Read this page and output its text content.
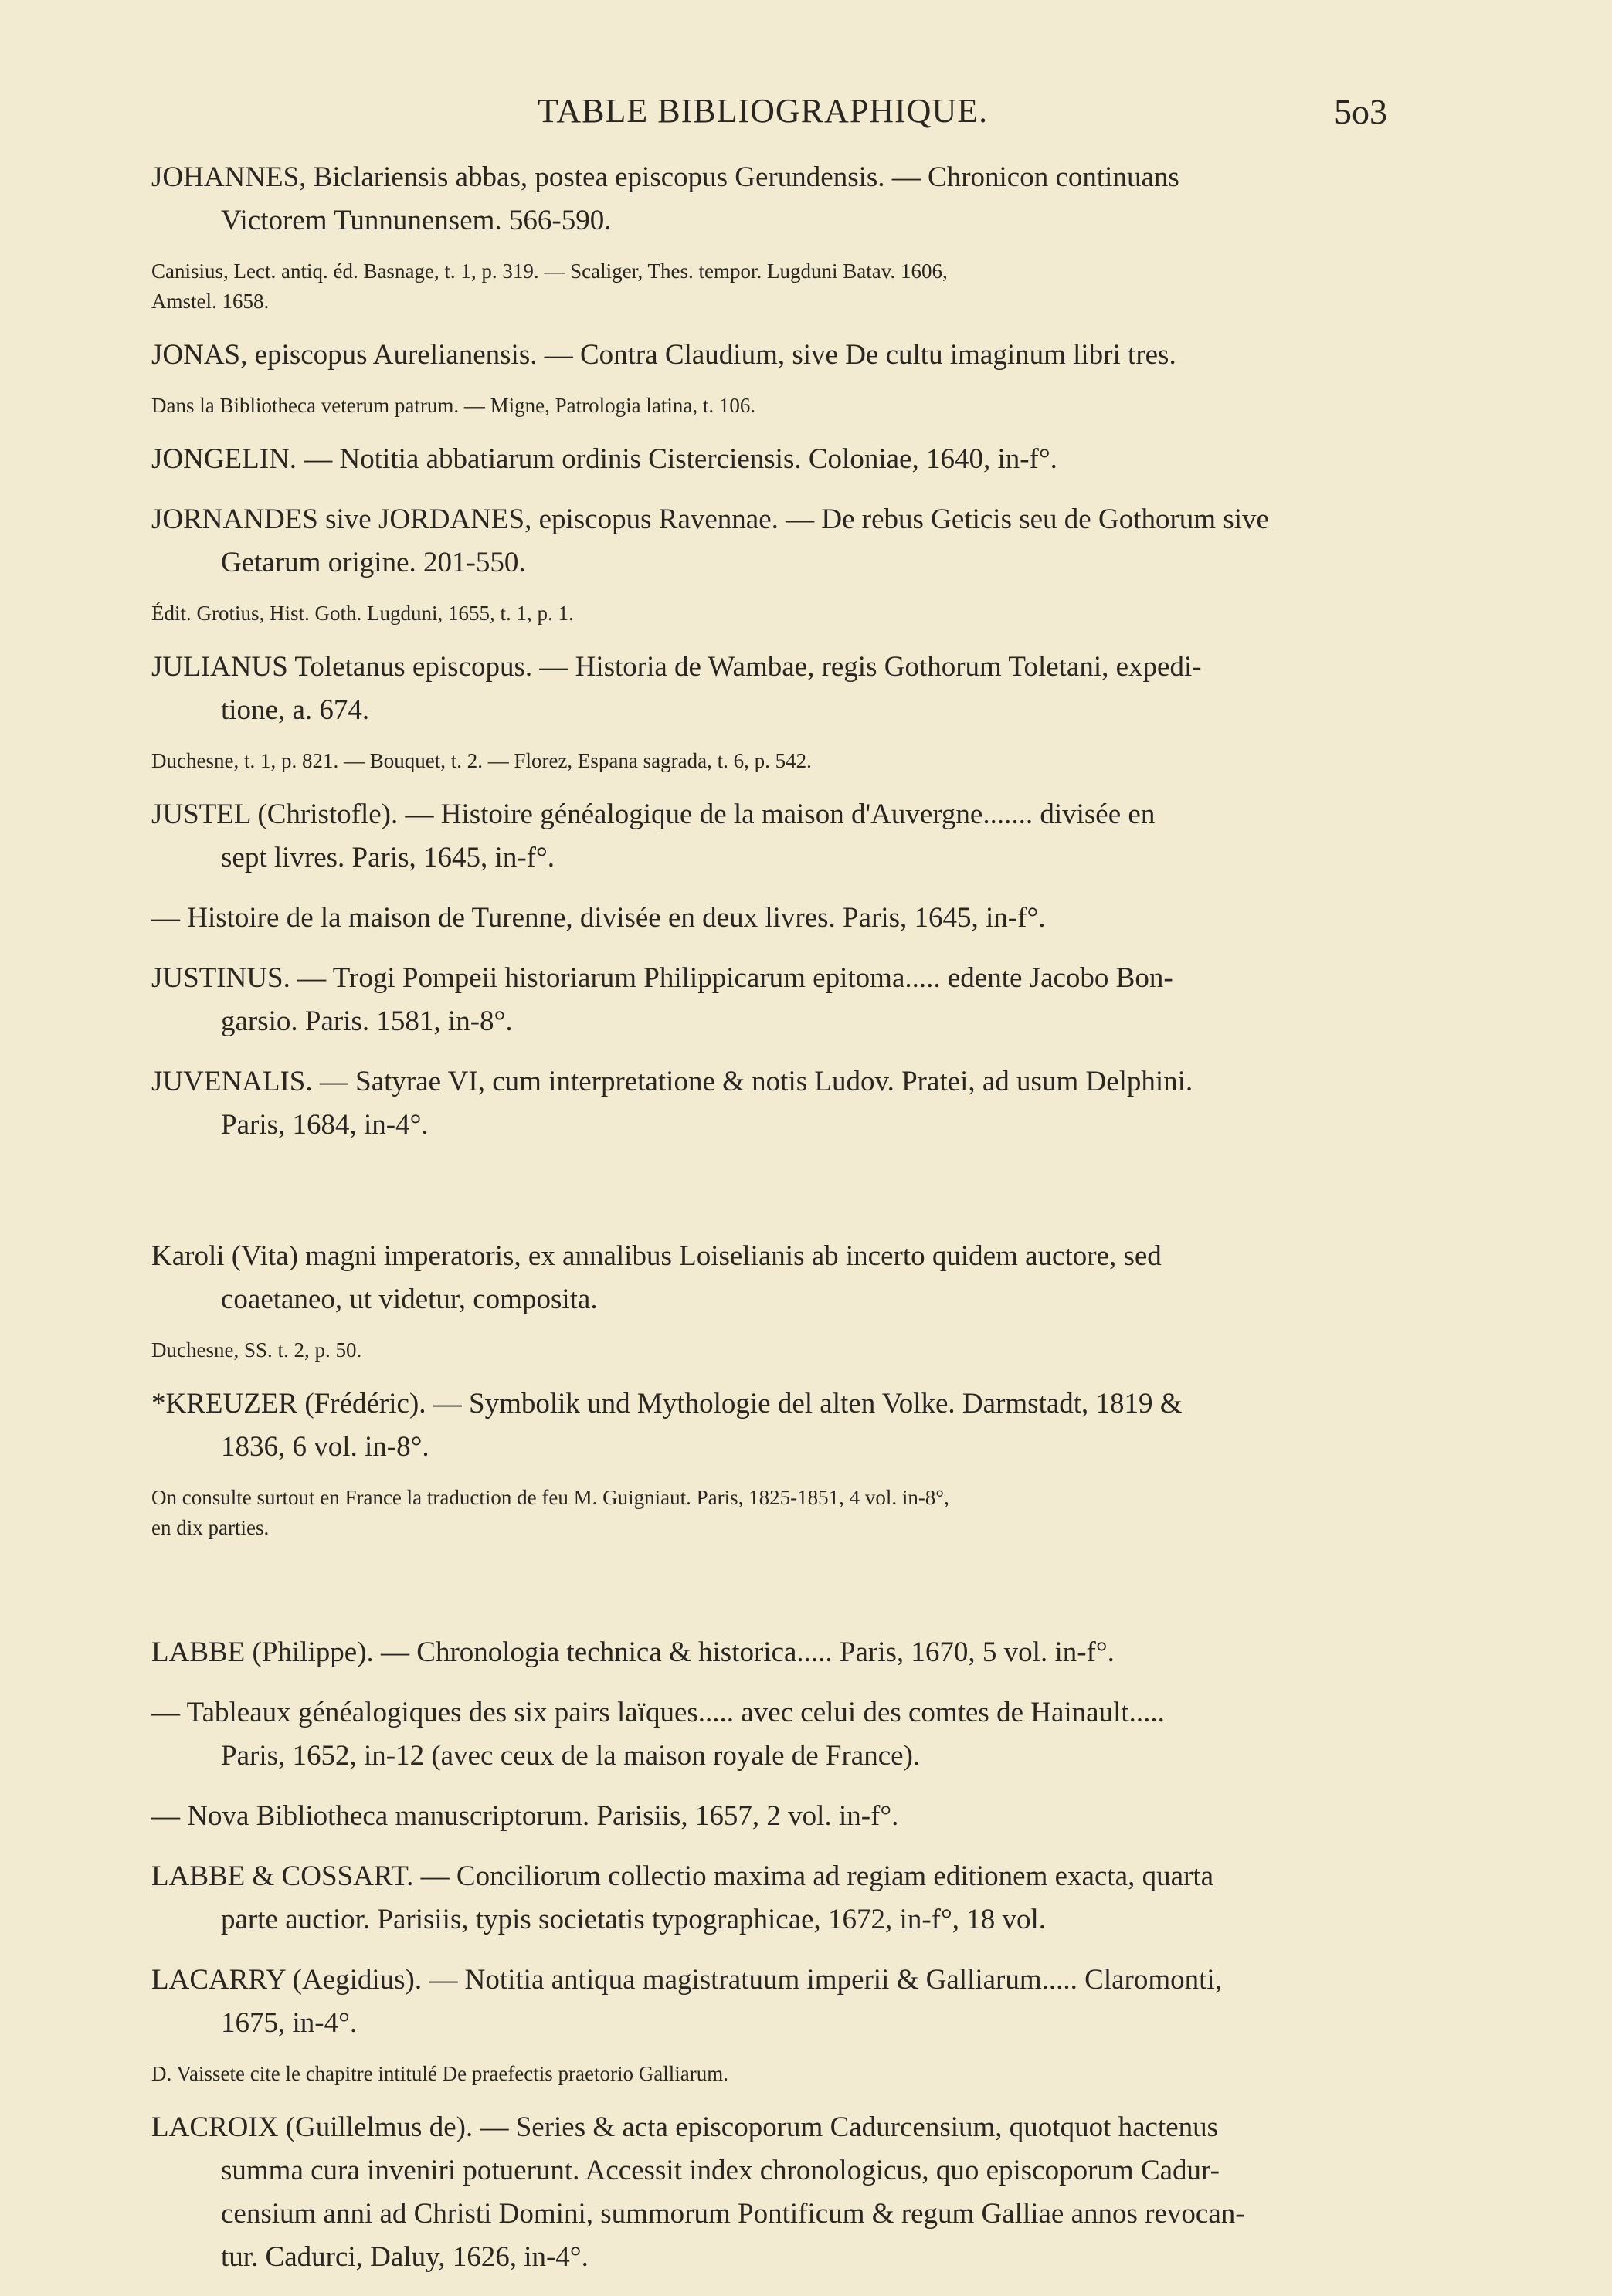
TABLE BIBLIOGRAPHIQUE.	5o3
JOHANNES, Biclariensis abbas, postea episcopus Gerundensis. — Chronicon continuans
Victorem Tunnunensem. 566-590.
Canisius, Lect. antiq. éd. Basnage, t. 1, p. 319. — Scaliger, Thes. tempor. Lugduni Batav. 1606,
Amstel. 1658.
JONAS, episcopus Aurelianensis. — Contra Claudium, sive De cultu imaginum libri tres.
Dans la Bibliotheca veterum patrum. — Migne, Patrologia latina, t. 106.
JONGELIN. — Notitia abbatiarum ordinis Cisterciensis. Coloniae, 1640, in-f°.
JORNANDES sive JORDANES, episcopus Ravennae. — De rebus Geticis seu de Gothorum sive
Getarum origine. 201-550.
Édit. Grotius, Hist. Goth. Lugduni, 1655, t. 1, p. 1.
JULIANUS Toletanus episcopus. — Historia de Wambae, regis Gothorum Toletani, expedi-
tione, a. 674.
Duchesne, t. 1, p. 821. — Bouquet, t. 2. — Florez, Espana sagrada, t. 6, p. 542.
JUSTEL (Christofle). — Histoire généalogique de la maison d'Auvergne....... divisée en
sept livres. Paris, 1645, in-f°.
— Histoire de la maison de Turenne, divisée en deux livres. Paris, 1645, in-f°.
JUSTINUS. — Trogi Pompeii historiarum Philippicarum epitoma..... edente Jacobo Bon-
garsio. Paris. 1581, in-8°.
JUVENALIS. — Satyrae VI, cum interpretatione & notis Ludov. Pratei, ad usum Delphini.
Paris, 1684, in-4°.
Karoli (Vita) magni imperatoris, ex annalibus Loiselianis ab incerto quidem auctore, sed
coaetaneo, ut videtur, composita.
Duchesne, SS. t. 2, p. 50.
*KREUZER (Frédéric). — Symbolik und Mythologie del alten Volke. Darmstadt, 1819 &
1836, 6 vol. in-8°.
On consulte surtout en France la traduction de feu M. Guigniaut. Paris, 1825-1851, 4 vol. in-8°,
en dix parties.
LABBE (Philippe). — Chronologia technica & historica..... Paris, 1670, 5 vol. in-f°.
— Tableaux généalogiques des six pairs laïques..... avec celui des comtes de Hainault.....
Paris, 1652, in-12 (avec ceux de la maison royale de France).
— Nova Bibliotheca manuscriptorum. Parisiis, 1657, 2 vol. in-f°.
LABBE & COSSART. — Conciliorum collectio maxima ad regiam editionem exacta, quarta
parte auctior. Parisiis, typis societatis typographicae, 1672, in-f°, 18 vol.
LACARRY (Aegidius). — Notitia antiqua magistratuum imperii & Galliarum..... Claromonti,
1675, in-4°.
D. Vaissete cite le chapitre intitulé De praefectis praetorio Galliarum.
LACROIX (Guillelmus de). — Series & acta episcoporum Cadurcensium, quotquot hactenus
summa cura inveniri potuerunt. Accessit index chronologicus, quo episcoporum Cadur-
censium anni ad Christi Domini, summorum Pontificum & regum Galliae annos revocan-
tur. Cadurci, Daluy, 1626, in-4°.
